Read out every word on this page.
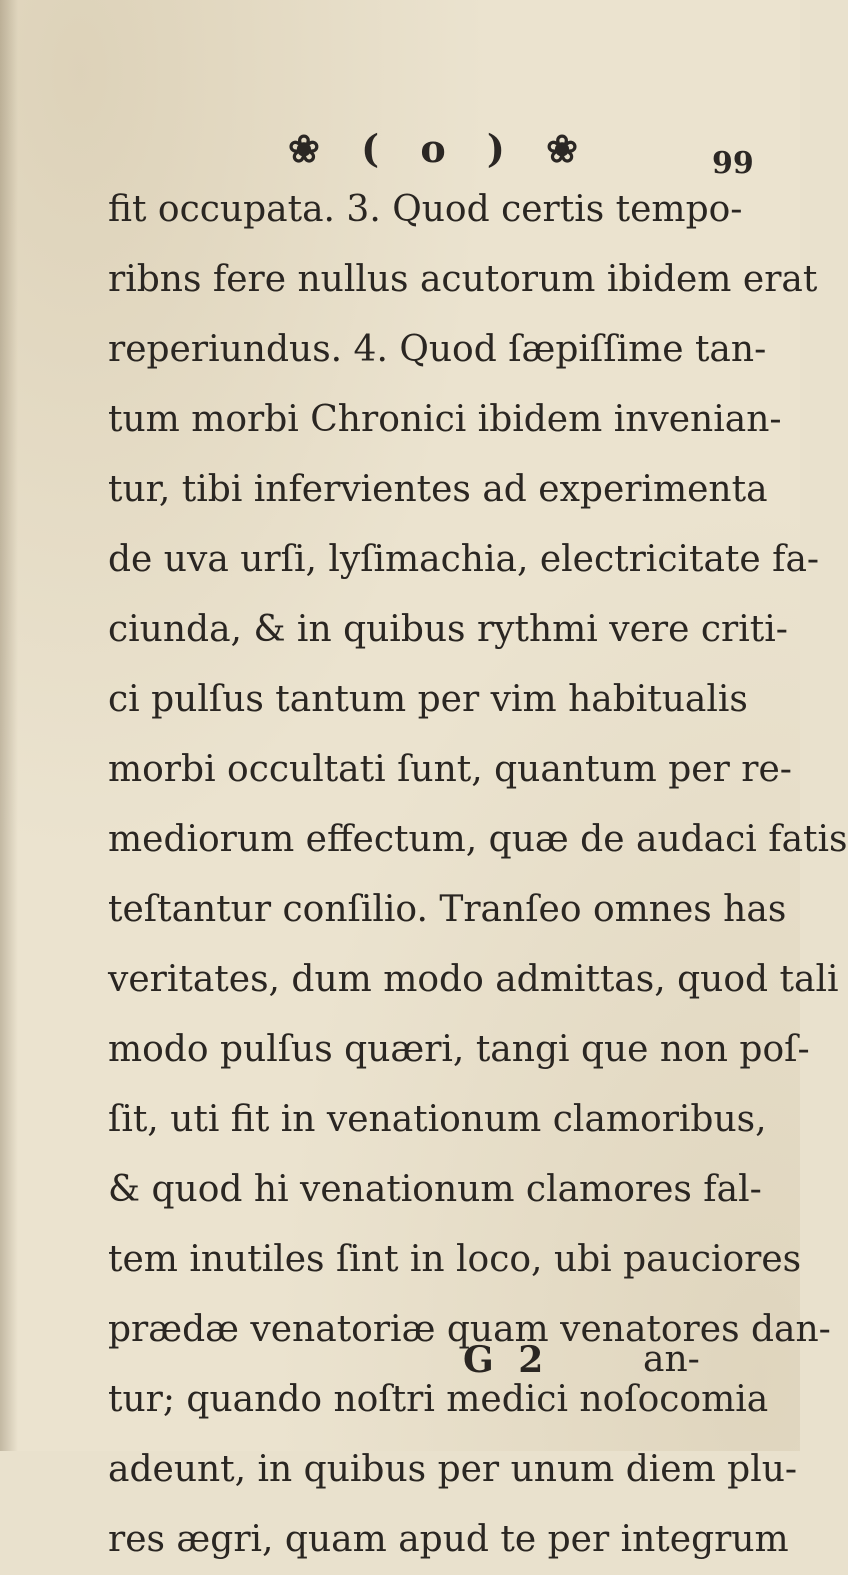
❀ ( o ) ❀	99
fit occupata. 3. Quod certis tempo-
ribns fere nullus acutorum ibidem erat
reperiundus. 4. Quod ſæpiſſime tan-
tum morbi Chronici ibidem invenian-
tur, tibi infervientes ad experimenta
de uva urſi, lyſimachia, electricitate fa-
ciunda, & in quibus rythmi vere criti-
ci pulſus tantum per vim habitualis
morbi occultati ſunt, quantum per re-
mediorum effectum, quæ de audaci fatis
teſtantur conſilio. Tranſeo omnes has
veritates, dum modo admittas, quod tali
modo pulſus quæri, tangi que non poſ-
ſit, uti fit in venationum clamoribus,
& quod hi venationum clamores fal-
tem inutiles ſint in loco, ubi pauciores
prædæ venatoriæ quam venatores dan-
tur; quando noſtri medici noſocomia
adeunt, in quibus per unum diem plu-
res ægri, quam apud te per integrum
G 2	an-
